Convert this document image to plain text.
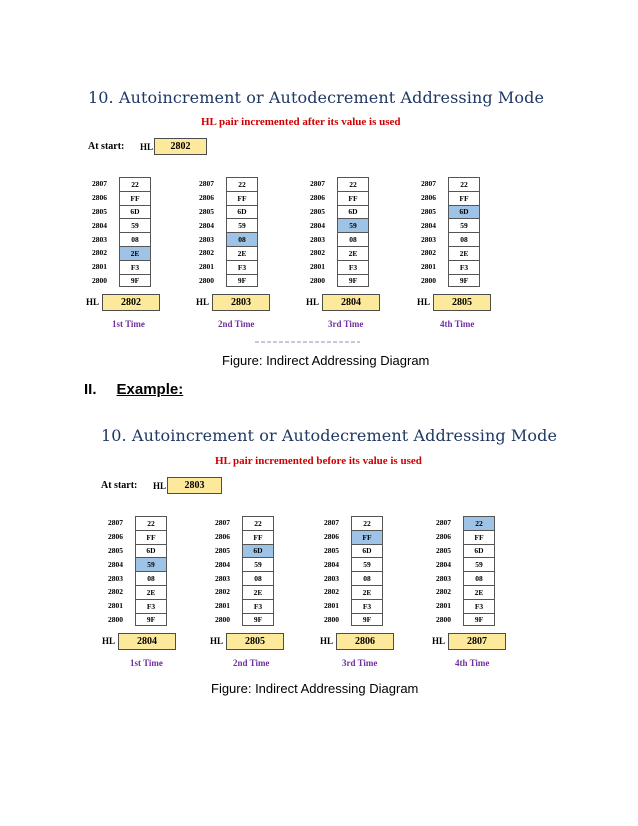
10. Autoincrement or Autodecrement Addressing Mode
HL pair incremented after its value is used
At start: HL	2802
2807	22
2806	FF
2805	6D
2804	59
2803	08
2802	2E
2801	F3
2800	9F
2807	22
2806	FF
2805	6D
2804	59
2803	08
2802	2E
2801	F3
2800	9F
2807	22
2806	FF
2805	6D
2804	59
2803	08
2802	2E
2801	F3
2800	9F
2807	22
2806	FF
2805	6D
2804	59
2803	08
2802	2E
2801	F3
2800	9F
HL	2802	HL	2803	HL	2804	HL	2805
1st Time	2nd Time	3rd Time	4th Time
Figure: Indirect Addressing Diagram
II. Example:
10. Autoincrement or Autodecrement Addressing Mode
HL pair incremented before its value is used
At start: HL	2803
2807	22
2806	FF
2805	6D
2804	59
2803	08
2802	2E
2801	F3
2800	9F
2807	22
2806	FF
2805	6D
2804	59
2803	08
2802	2E
2801	F3
2800	9F
2807	22
2806	FF
2805	6D
2804	59
2803	08
2802	2E
2801	F3
2800	9F
2807	22
2806	FF
2805	6D
2804	59
2803	08
2802	2E
2801	F3
2800	9F
HL	2804	HL	2805	HL	2806	HL	2807
1st Time	2nd Time	3rd Time	4th Time
Figure: Indirect Addressing Diagram
